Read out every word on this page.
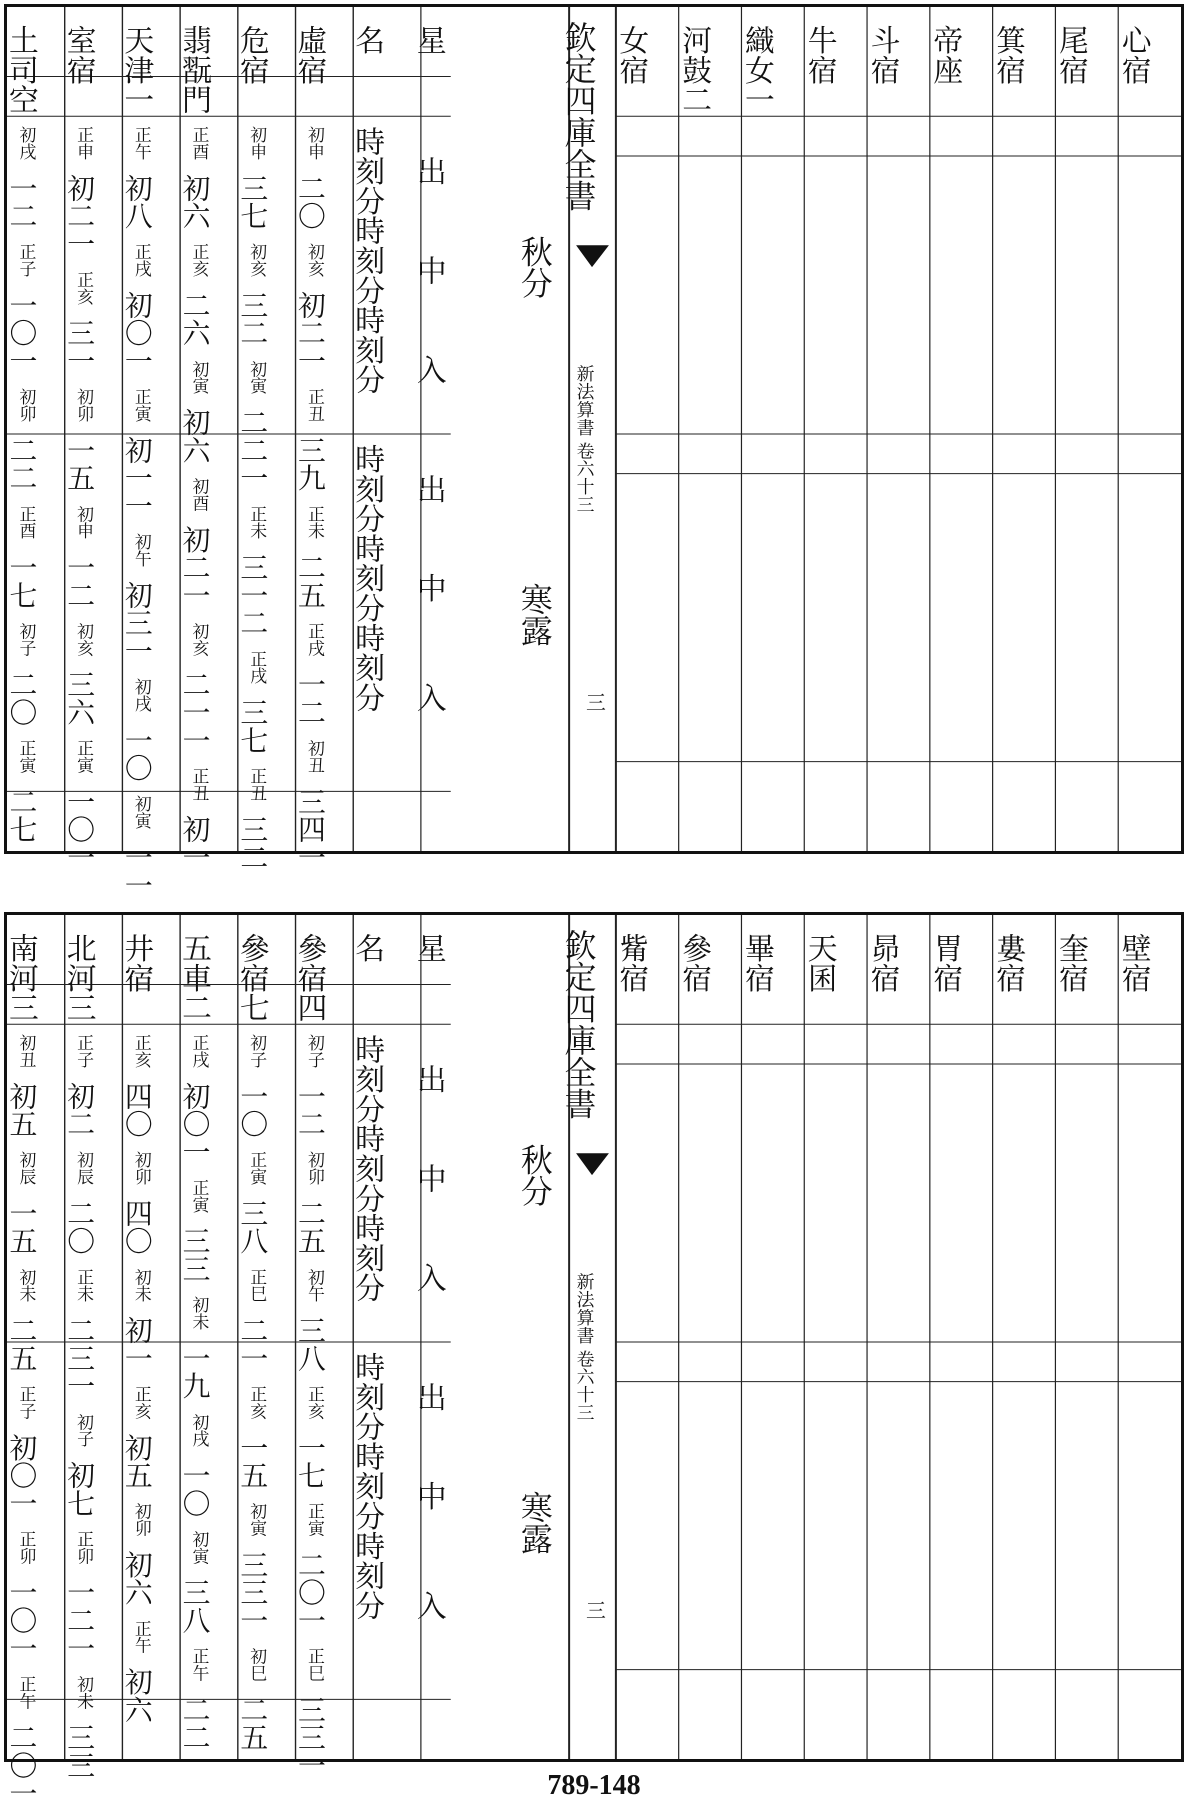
虛宿
初申
二〇
初亥
初二一
正丑
三九
正未
二五
正戌
一二
初丑
三四一
危宿
初申
三七
初亥
三二
初寅
二二一
正未
三一二
正戌
三七
正丑
三二
翡翫門
正酉
初六
正亥
二六
初寅
初六
初酉
初二一
初亥
二一一
正丑
初一
天津一
正午
初八
正戌
初〇一
正寅
初一一
初午
初三一
初戌
一〇
初寅
一一
室宿
正申
初二一
正亥
三一
初卯
一五
初申
一二
初亥
三六
正寅
一〇一
土司空
初戌
一二
正子
一〇一
初卯
二二
正酉
一七
初子
二〇
正寅
二七
名
時刻分時刻分時刻分
時刻分時刻分時刻分
星
出
中
入
出
中
入
秋分
寒露
欽定四庫全書
新法算書 卷六十三
三
心宿
尾宿
箕宿
帝座
斗宿
牛宿
織女一
河鼓二
女宿
參宿四
初子
一二
初卯
二五
初午
三八
正亥
一七
正寅
二〇一
正巳
三三一
參宿七
初子
一〇
正寅
三八
正巳
二一
正亥
一五
初寅
三三一
初巳
二五
五車二
正戌
初〇一
正寅
三三
初未
一九
初戌
一〇
初寅
三八
正午
二二
井宿
正亥
四〇
初卯
四〇
初未
初一
正亥
初五
初卯
初六
正午
初六
北河三
正子
初二
初辰
二〇
正未
二三一
初子
初七
正卯
一二一
初未
三三
南河三
初丑
初五
初辰
一五
初未
二五
正子
初〇一
正卯
一〇一
正午
二〇一
名
時刻分時刻分時刻分
時刻分時刻分時刻分
星
出
中
入
出
中
入
秋分
寒露
欽定四庫全書
新法算書 卷六十三
三
壁宿
奎宿
婁宿
胃宿
昴宿
天囷
畢宿
參宿
觜宿
789-148
